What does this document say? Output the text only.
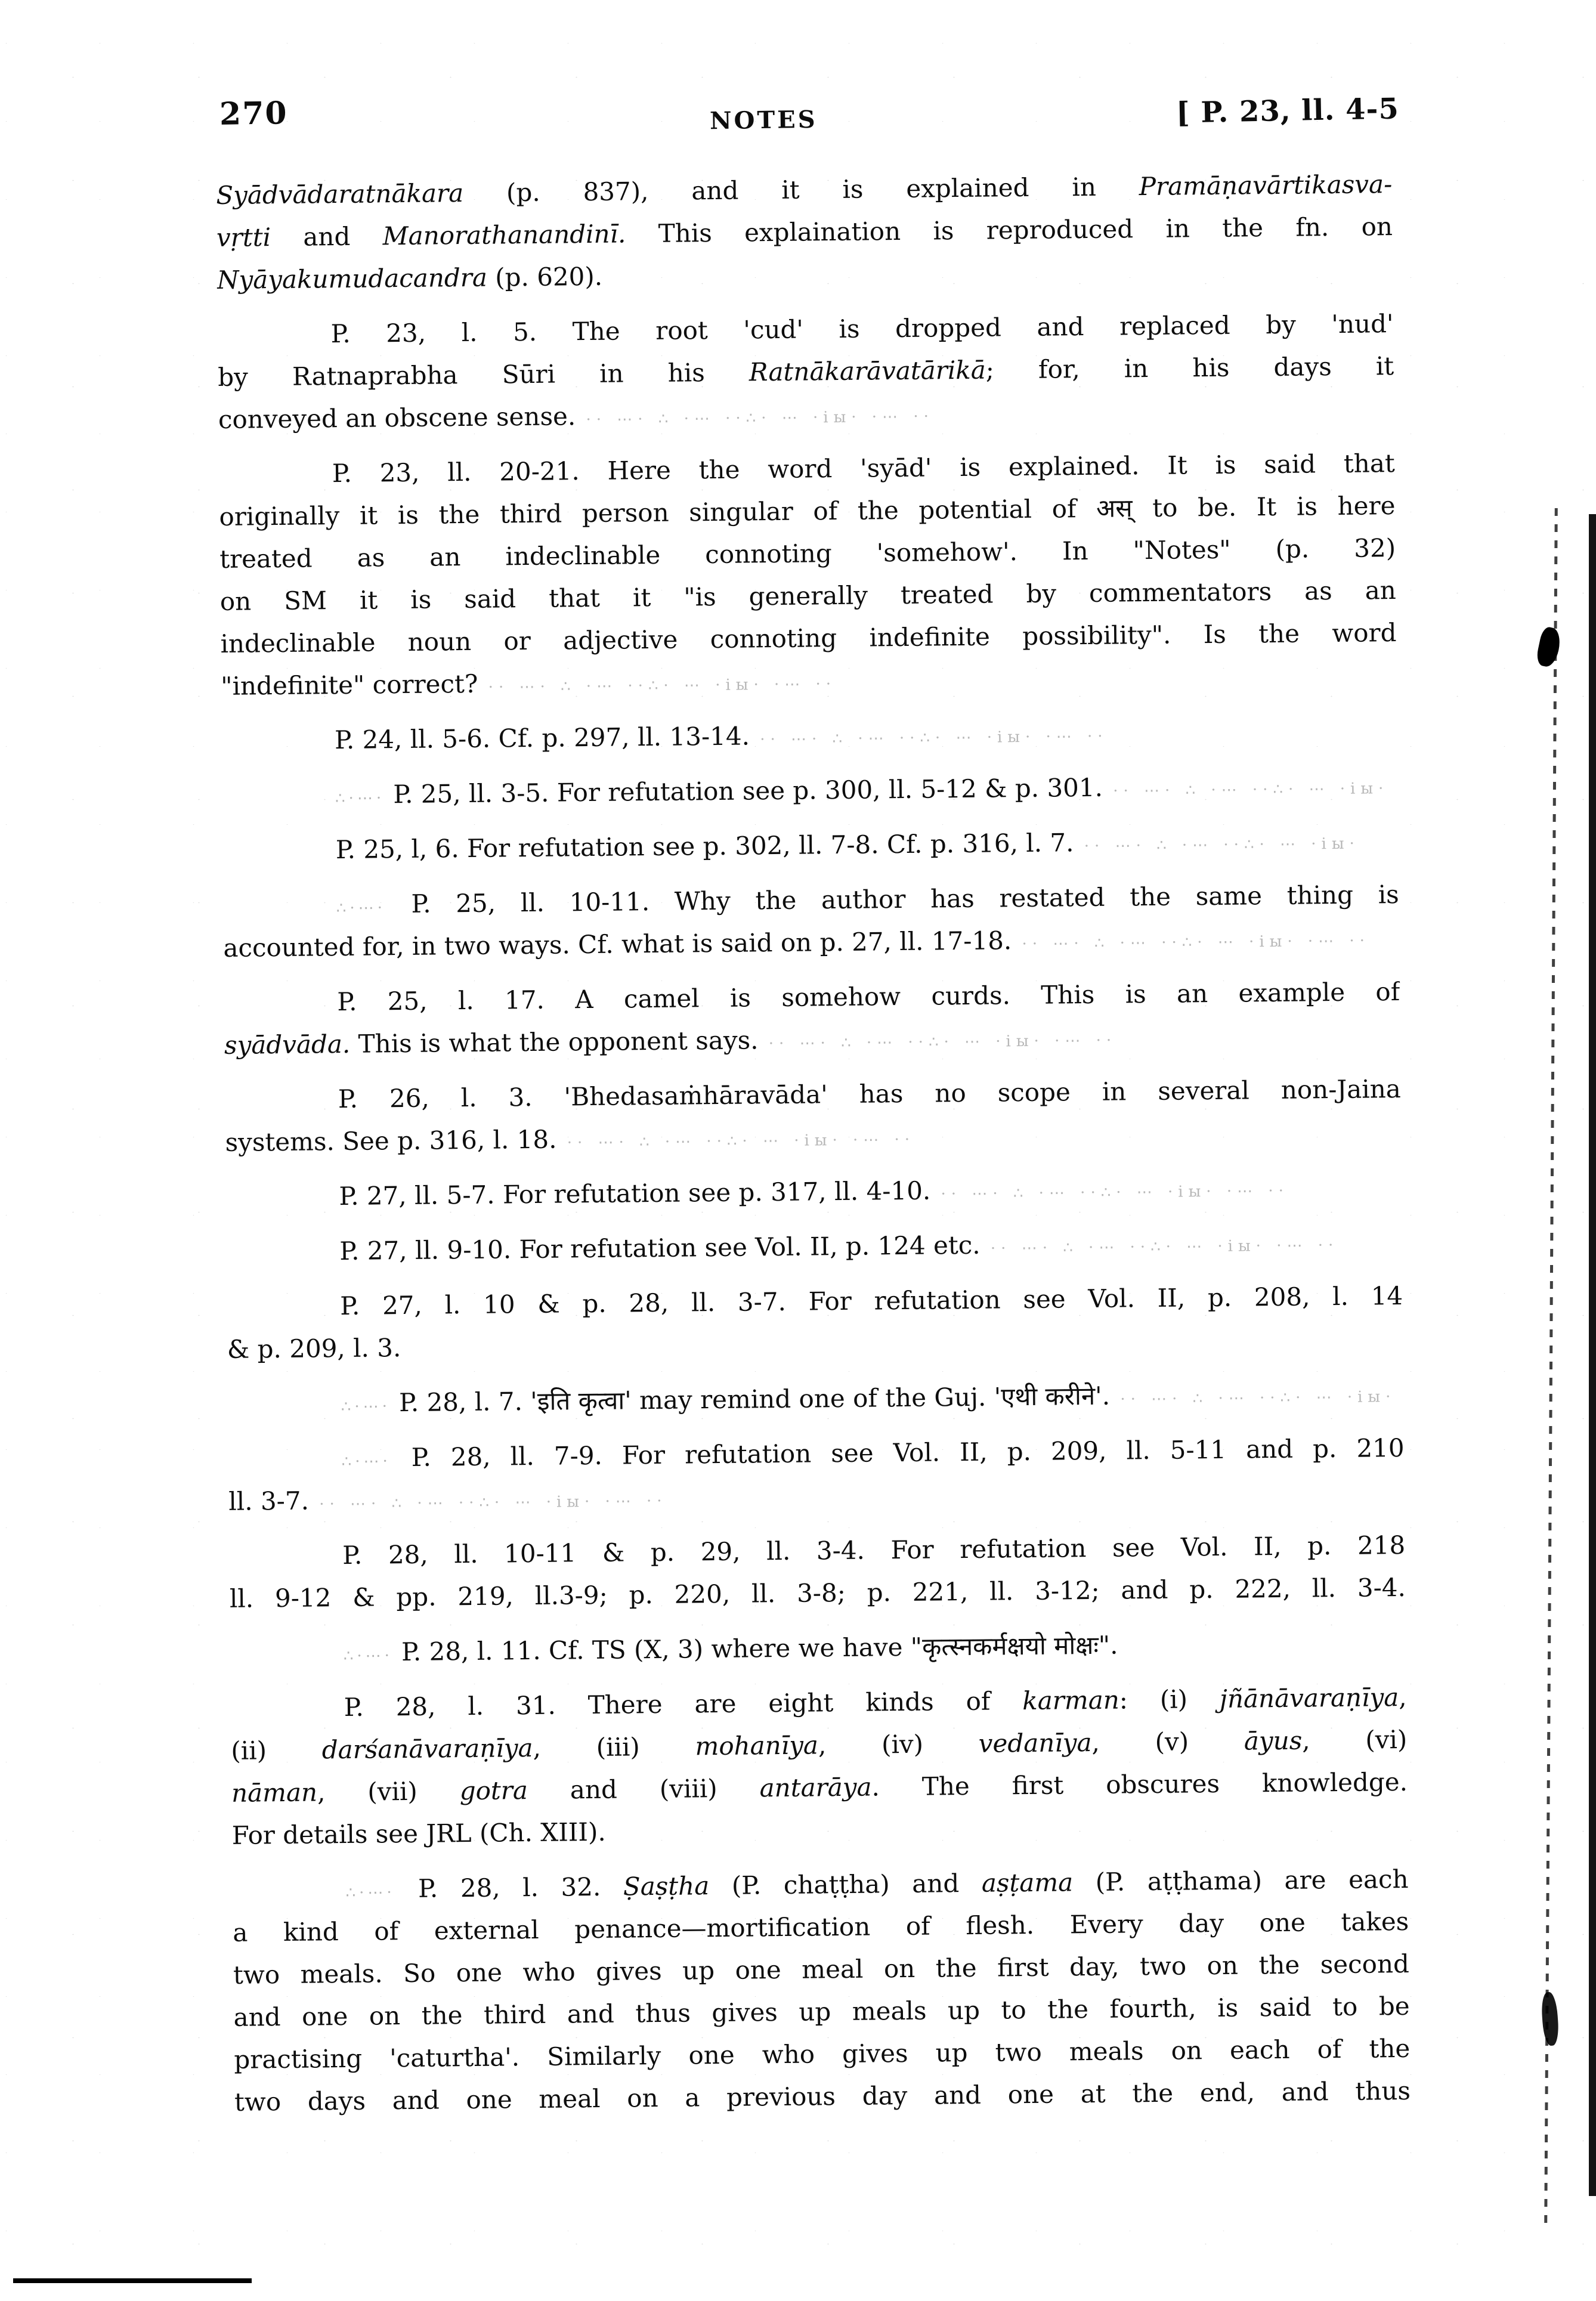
270	NOTES	[ P. 23, ll. 4-5
Syādvādaratnākara (p. 837), and it is explained in Pramāṇavārtikasva-
vṛtti and Manorathanandinī. This explaination is reproduced in the fn. on
Nyāyakumudacandra (p. 620).
P. 23, l. 5. The root 'cud' is dropped and replaced by 'nud'
by Ratnaprabha Sūri in his Ratnākarāvatārikā; for, in his days it
conveyed an obscene sense. ·· ⋯· ∴ ·⋯ ··∴· ⋯ ·іы· ·⋯ ··
P. 23, ll. 20-21. Here the word 'syād' is explained. It is said that
originally it is the third person singular of the potential of अस् to be. It is here
treated as an indeclinable connoting 'somehow'. In "Notes" (p. 32)
on SM it is said that it "is generally treated by commentators as an
indeclinable noun or adjective connoting indefinite possibility". Is the word
"indefinite" correct? ·· ⋯· ∴ ·⋯ ··∴· ⋯ ·іы· ·⋯ ··
P. 24, ll. 5-6. Cf. p. 297, ll. 13-14. ·· ⋯· ∴ ·⋯ ··∴· ⋯ ·іы· ·⋯ ··
∴·⋯· P. 25, ll. 3-5. For refutation see p. 300, ll. 5-12 & p. 301. ·· ⋯· ∴ ·⋯ ··∴· ⋯ ·іы· ·⋯ ··
P. 25, l, 6. For refutation see p. 302, ll. 7-8. Cf. p. 316, l. 7. ·· ⋯· ∴ ·⋯ ··∴· ⋯ ·іы· ·⋯ ··
∴·⋯· P. 25, ll. 10-11. Why the author has restated the same thing is
accounted for, in two ways. Cf. what is said on p. 27, ll. 17-18. ·· ⋯· ∴ ·⋯ ··∴· ⋯ ·іы· ·⋯ ··
P. 25, l. 17. A camel is somehow curds. This is an example of
syādvāda. This is what the opponent says. ·· ⋯· ∴ ·⋯ ··∴· ⋯ ·іы· ·⋯ ··
P. 26, l. 3. 'Bhedasaṁhāravāda' has no scope in several non-Jaina
systems. See p. 316, l. 18. ·· ⋯· ∴ ·⋯ ··∴· ⋯ ·іы· ·⋯ ··
P. 27, ll. 5-7. For refutation see p. 317, ll. 4-10. ·· ⋯· ∴ ·⋯ ··∴· ⋯ ·іы· ·⋯ ··
P. 27, ll. 9-10. For refutation see Vol. II, p. 124 etc. ·· ⋯· ∴ ·⋯ ··∴· ⋯ ·іы· ·⋯ ··
P. 27, l. 10 & p. 28, ll. 3-7. For refutation see Vol. II, p. 208, l. 14
& p. 209, l. 3.
∴·⋯· P. 28, l. 7. 'इति कृत्वा' may remind one of the Guj. 'एथी करीने'. ·· ⋯· ∴ ·⋯ ··∴· ⋯ ·іы· ·⋯ ··
∴·⋯· P. 28, ll. 7-9. For refutation see Vol. II, p. 209, ll. 5-11 and p. 210
ll. 3-7. ·· ⋯· ∴ ·⋯ ··∴· ⋯ ·іы· ·⋯ ··
P. 28, ll. 10-11 & p. 29, ll. 3-4. For refutation see Vol. II, p. 218
ll. 9-12 & pp. 219, ll.3-9; p. 220, ll. 3-8; p. 221, ll. 3-12; and p. 222, ll. 3-4.
∴·⋯· P. 28, l. 11. Cf. TS (X, 3) where we have "कृत्स्नकर्मक्षयो मोक्षः".
P. 28, l. 31. There are eight kinds of karman: (i) jñānāvaraṇīya,
(ii) darśanāvaraṇīya, (iii) mohanīya, (iv) vedanīya, (v) āyus, (vi)
nāman, (vii) gotra and (viii) antarāya. The first obscures knowledge.
For details see JRL (Ch. XIII).
∴·⋯· P. 28, l. 32. Ṣaṣṭha (P. chaṭṭha) and aṣṭama (P. aṭṭhama) are each
a kind of external penance—mortification of flesh. Every day one takes
two meals. So one who gives up one meal on the first day, two on the second
and one on the third and thus gives up meals up to the fourth, is said to be
practising 'caturtha'. Similarly one who gives up two meals on each of the
two days and one meal on a previous day and one at the end, and thus
